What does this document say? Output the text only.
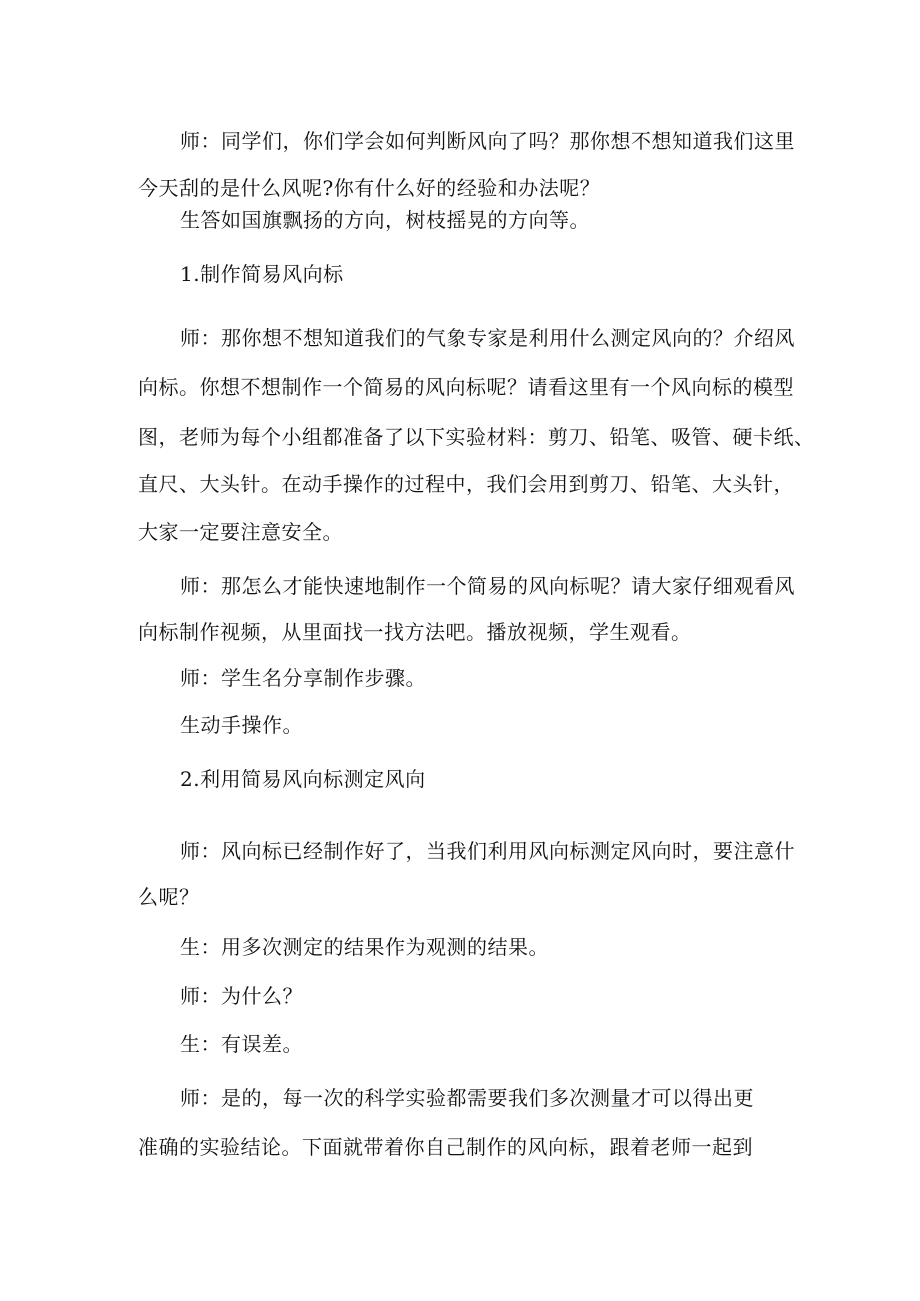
师：同学们，你们学会如何判断风向了吗？那你想不想知道我们这里
今天刮的是什么风呢?你有什么好的经验和办法呢？
生答如国旗飘扬的方向，树枝摇晃的方向等。
1.制作简易风向标
师：那你想不想知道我们的气象专家是利用什么测定风向的？介绍风
向标。你想不想制作一个简易的风向标呢？请看这里有一个风向标的模型
图，老师为每个小组都准备了以下实验材料：剪刀、铅笔、吸管、硬卡纸、
直尺、大头针。在动手操作的过程中，我们会用到剪刀、铅笔、大头针，
大家一定要注意安全。
师：那怎么才能快速地制作一个简易的风向标呢？请大家仔细观看风
向标制作视频，从里面找一找方法吧。播放视频，学生观看。
师：学生名分享制作步骤。
生动手操作。
2.利用简易风向标测定风向
师：风向标已经制作好了，当我们利用风向标测定风向时，要注意什
么呢？
生：用多次测定的结果作为观测的结果。
师：为什么？
生：有误差。
师：是的，每一次的科学实验都需要我们多次测量才可以得出更
准确的实验结论。下面就带着你自己制作的风向标，跟着老师一起到
